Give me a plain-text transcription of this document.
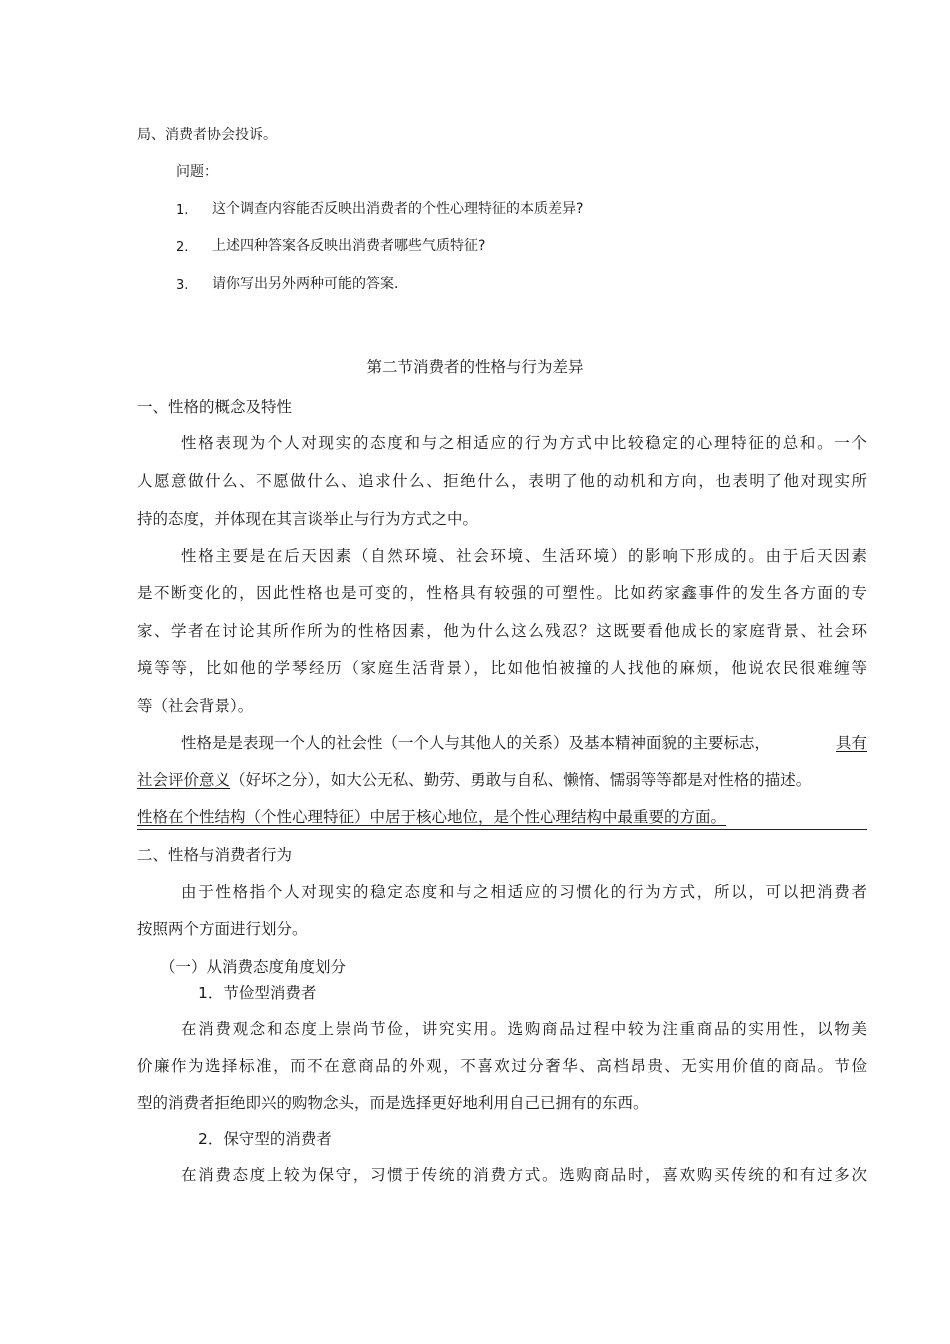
局、消费者协会投诉。
问题：
1. 这个调查内容能否反映出消费者的个性心理特征的本质差异?
2. 上述四种答案各反映出消费者哪些气质特征?
3. 请你写出另外两种可能的答案.
第二节消费者的性格与行为差异
一、性格的概念及特性
性格表现为个人对现实的态度和与之相适应的行为方式中比较稳定的心理特征的总和。一个
人愿意做什么、不愿做什么、追求什么、拒绝什么，表明了他的动机和方向，也表明了他对现实所
持的态度，并体现在其言谈举止与行为方式之中。
性格主要是在后天因素（自然环境、社会环境、生活环境）的影响下形成的。由于后天因素
是不断变化的，因此性格也是可变的，性格具有较强的可塑性。比如药家鑫事件的发生各方面的专
家、学者在讨论其所作所为的性格因素，他为什么这么残忍？这既要看他成长的家庭背景、社会环
境等等，比如他的学琴经历（家庭生活背景），比如他怕被撞的人找他的麻烦，他说农民很难缠等
等（社会背景）。
性格是是表现一个人的社会性（一个人与其他人的关系）及基本精神面貌的主要标志，	具有
社会评价意义 （好坏之分），如大公无私、勤劳、勇敢与自私、懒惰、懦弱等等都是对性格的描述。
性格在个性结构（个性心理特征）中居于核心地位，是个性心理结构中最重要的方面。
二、性格与消费者行为
由于性格指个人对现实的稳定态度和与之相适应的习惯化的行为方式，所以，可以把消费者
按照两个方面进行划分。
（一）从消费态度角度划分
1．节俭型消费者
在消费观念和态度上崇尚节俭，讲究实用。选购商品过程中较为注重商品的实用性，以物美
价廉作为选择标准，而不在意商品的外观，不喜欢过分奢华、高档昂贵、无实用价值的商品。节俭
型的消费者拒绝即兴的购物念头，而是选择更好地利用自己已拥有的东西。
2．保守型的消费者
在消费态度上较为保守，习惯于传统的消费方式。选购商品时，喜欢购买传统的和有过多次
